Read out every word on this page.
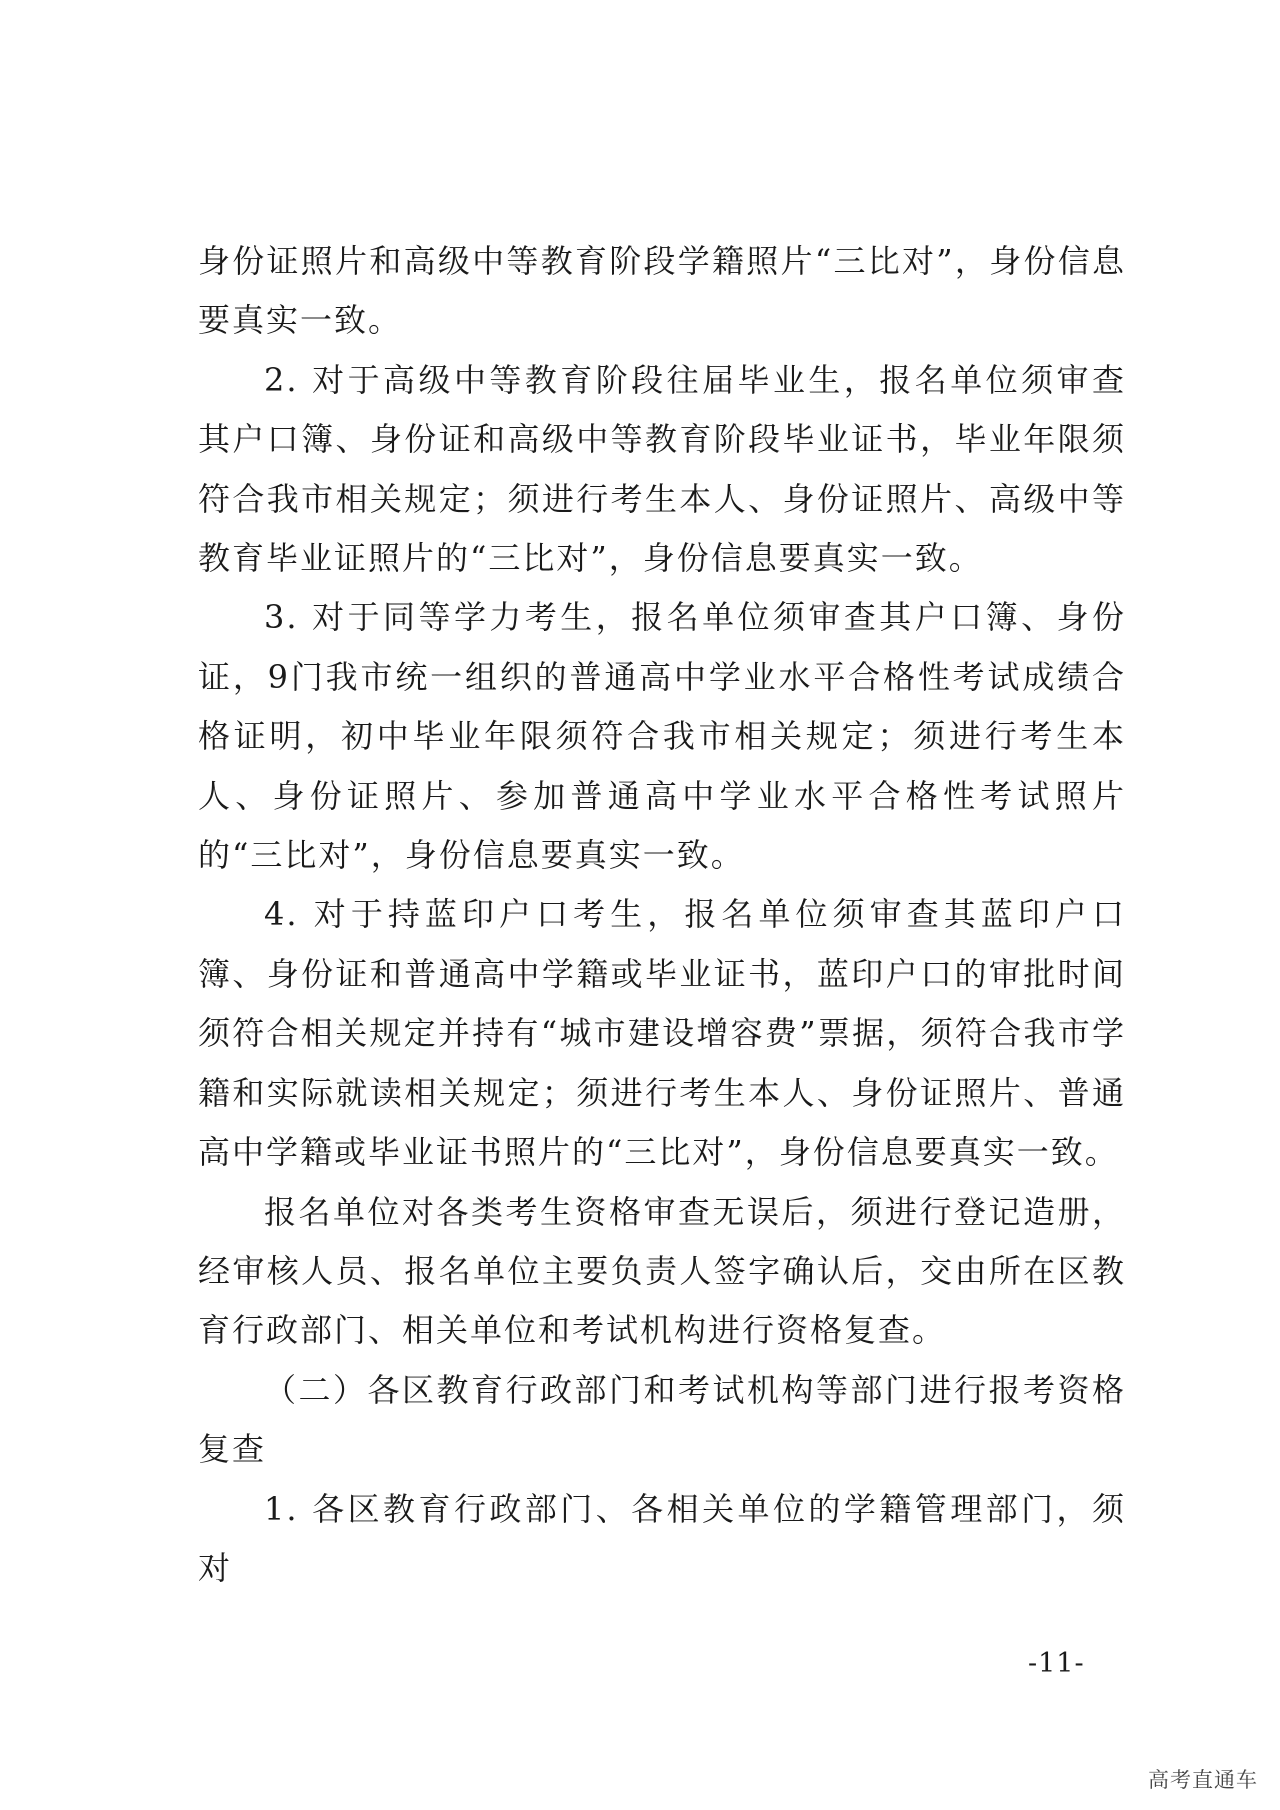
身份证照片和高级中等教育阶段学籍照片“三比对”，身份信息要真实一致。

2. 对于高级中等教育阶段往届毕业生，报名单位须审查其户口簿、身份证和高级中等教育阶段毕业证书，毕业年限须符合我市相关规定；须进行考生本人、身份证照片、高级中等教育毕业证照片的“三比对”，身份信息要真实一致。

3. 对于同等学力考生，报名单位须审查其户口簿、身份证，9门我市统一组织的普通高中学业水平合格性考试成绩合格证明，初中毕业年限须符合我市相关规定；须进行考生本人、身份证照片、参加普通高中学业水平合格性考试照片的“三比对”，身份信息要真实一致。

4. 对于持蓝印户口考生，报名单位须审查其蓝印户口簿、身份证和普通高中学籍或毕业证书，蓝印户口的审批时间须符合相关规定并持有“城市建设增容费”票据，须符合我市学籍和实际就读相关规定；须进行考生本人、身份证照片、普通高中学籍或毕业证书照片的“三比对”，身份信息要真实一致。

报名单位对各类考生资格审查无误后，须进行登记造册，经审核人员、报名单位主要负责人签字确认后，交由所在区教育行政部门、相关单位和考试机构进行资格复查。

（二）各区教育行政部门和考试机构等部门进行报考资格复查

1. 各区教育行政部门、各相关单位的学籍管理部门，须对

-11-
高考直通车
